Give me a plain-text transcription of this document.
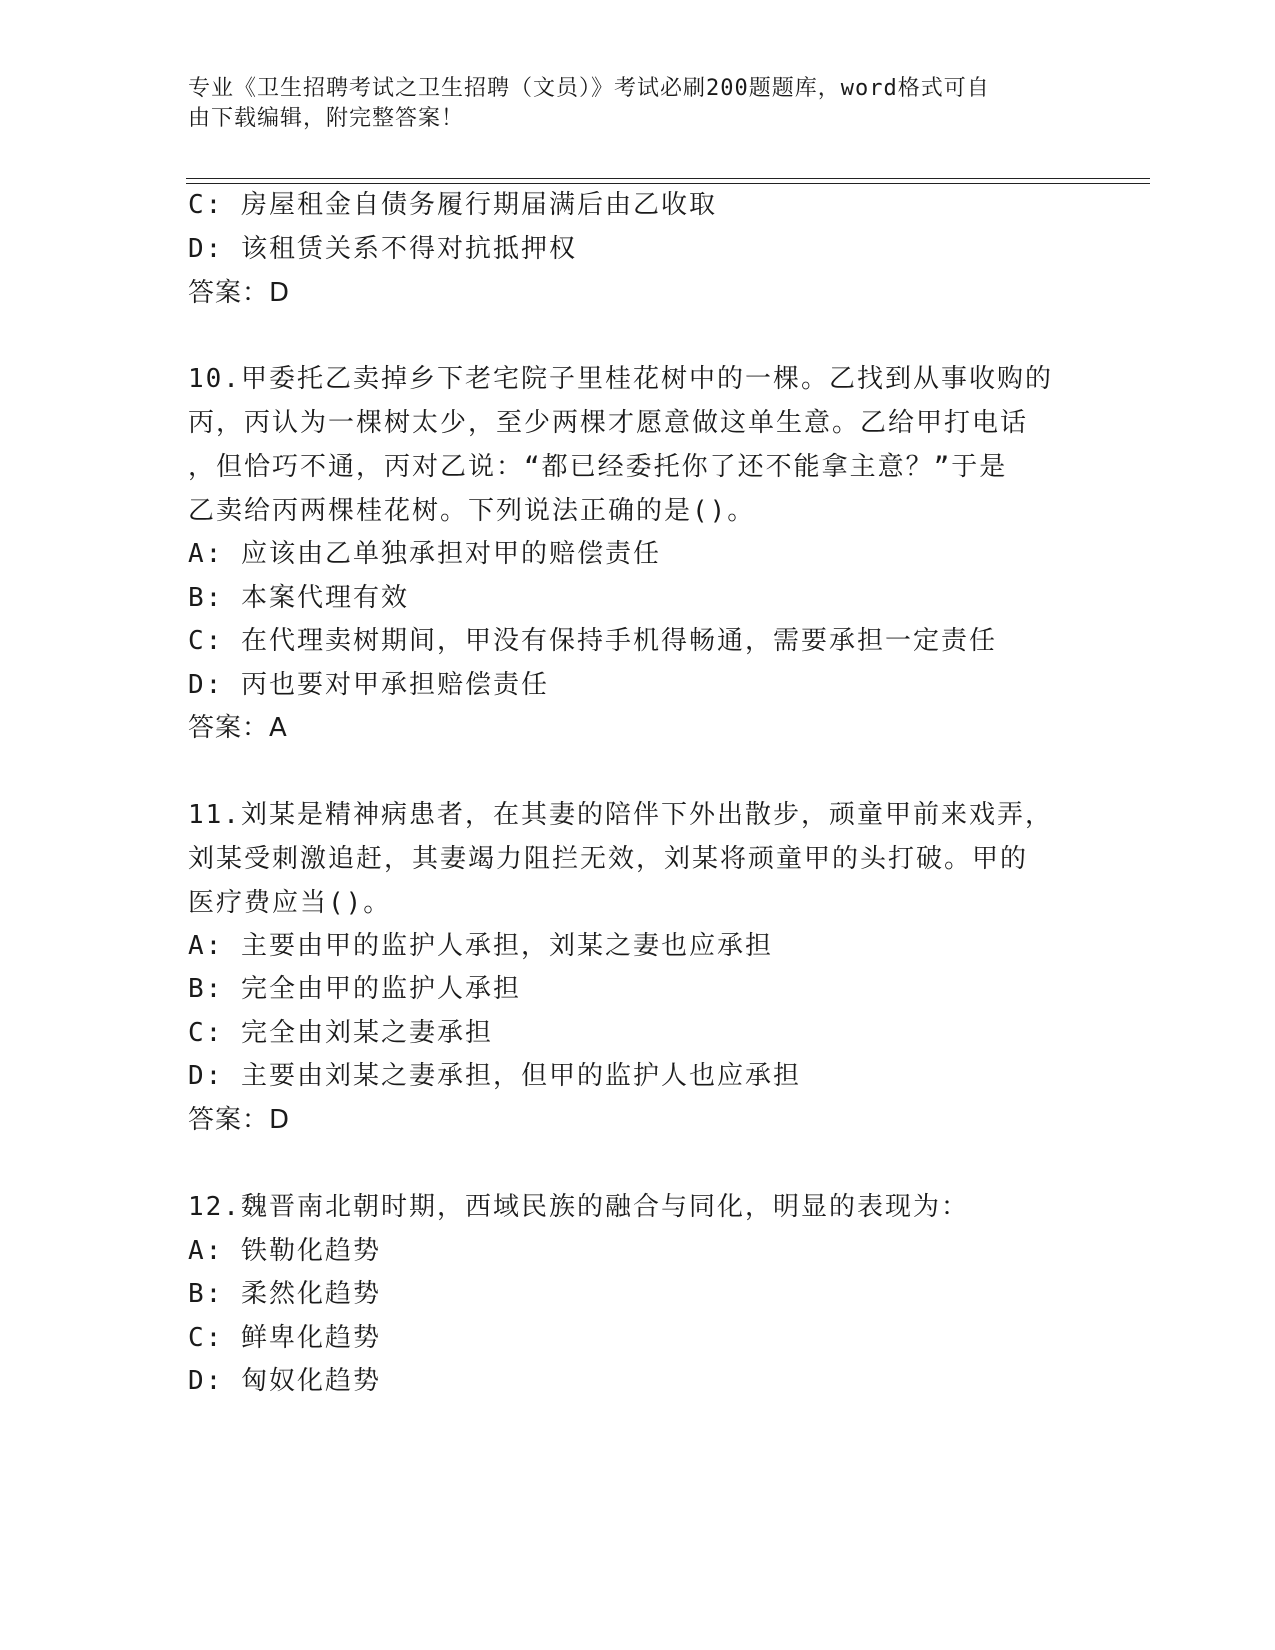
专业《卫生招聘考试之卫生招聘（文员）》考试必刷200题题库，word格式可自
由下载编辑，附完整答案！
C: 房屋租金自债务履行期届满后由乙收取
D: 该租赁关系不得对抗抵押权
答案：D
10.甲委托乙卖掉乡下老宅院子里桂花树中的一棵。乙找到从事收购的
丙，丙认为一棵树太少，至少两棵才愿意做这单生意。乙给甲打电话
，但恰巧不通，丙对乙说：“都已经委托你了还不能拿主意？”于是
乙卖给丙两棵桂花树。下列说法正确的是()。
A: 应该由乙单独承担对甲的赔偿责任
B: 本案代理有效
C: 在代理卖树期间，甲没有保持手机得畅通，需要承担一定责任
D: 丙也要对甲承担赔偿责任
答案：A
11.刘某是精神病患者，在其妻的陪伴下外出散步，顽童甲前来戏弄，
刘某受刺激追赶，其妻竭力阻拦无效，刘某将顽童甲的头打破。甲的
医疗费应当()。
A: 主要由甲的监护人承担，刘某之妻也应承担
B: 完全由甲的监护人承担
C: 完全由刘某之妻承担
D: 主要由刘某之妻承担，但甲的监护人也应承担
答案：D
12.魏晋南北朝时期，西域民族的融合与同化，明显的表现为：
A: 铁勒化趋势
B: 柔然化趋势
C: 鲜卑化趋势
D: 匈奴化趋势
